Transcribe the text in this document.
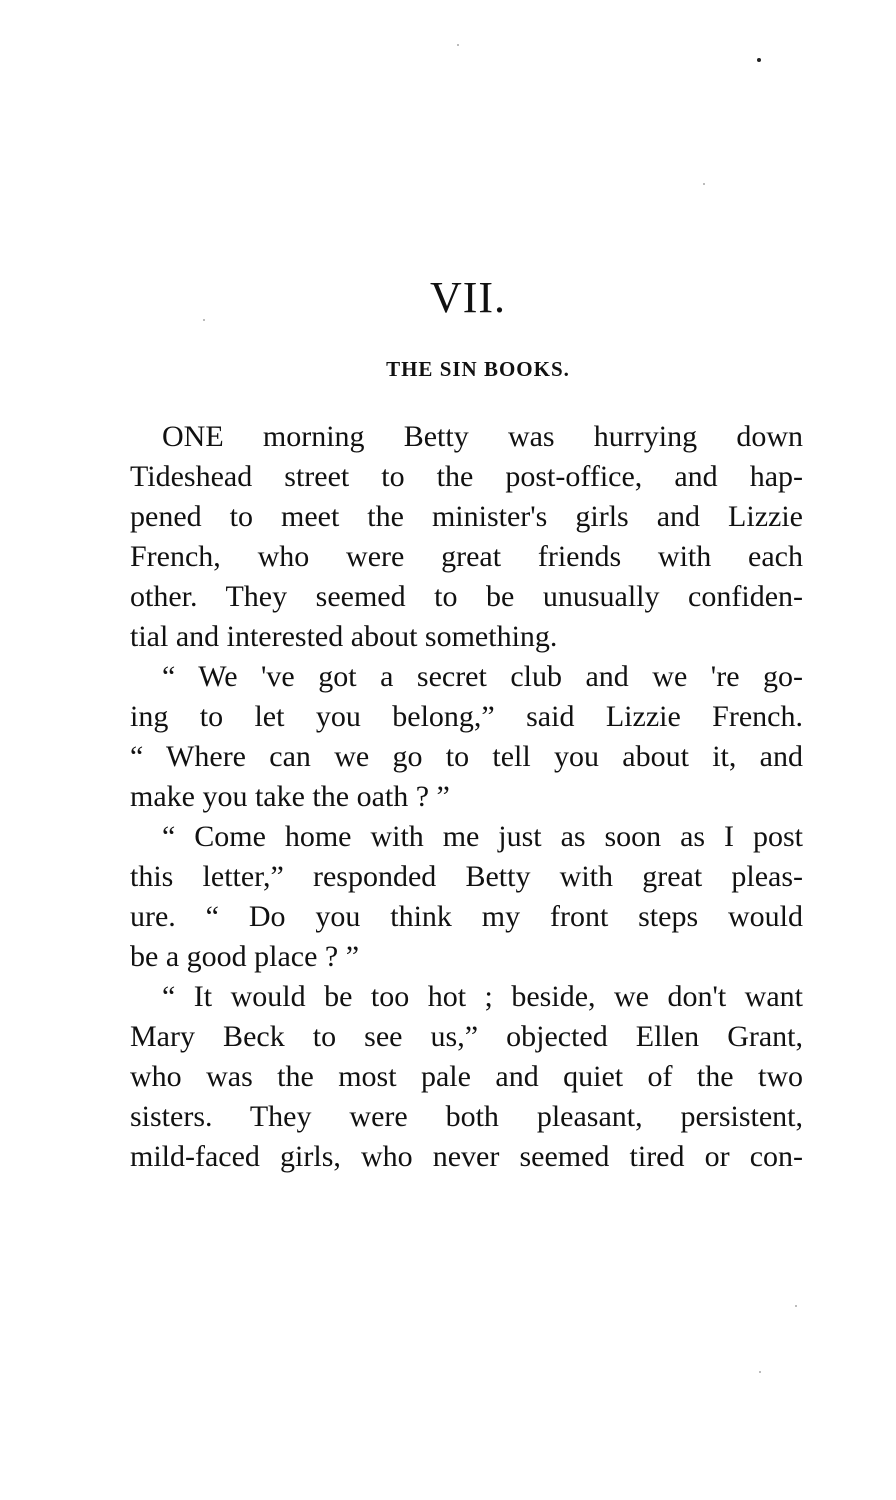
VII.
THE SIN BOOKS.
ONE morning Betty was hurrying down
Tideshead street to the post-office, and hap-
pened to meet the minister's girls and Lizzie
French, who were great friends with each
other. They seemed to be unusually confiden-
tial and interested about something.
“ We 've got a secret club and we 're go-
ing to let you belong,” said Lizzie French.
“ Where can we go to tell you about it, and
make you take the oath ? ”
“ Come home with me just as soon as I post
this letter,” responded Betty with great pleas-
ure. “ Do you think my front steps would
be a good place ? ”
“ It would be too hot ; beside, we don't want
Mary Beck to see us,” objected Ellen Grant,
who was the most pale and quiet of the two
sisters. They were both pleasant, persistent,
mild-faced girls, who never seemed tired or con-
